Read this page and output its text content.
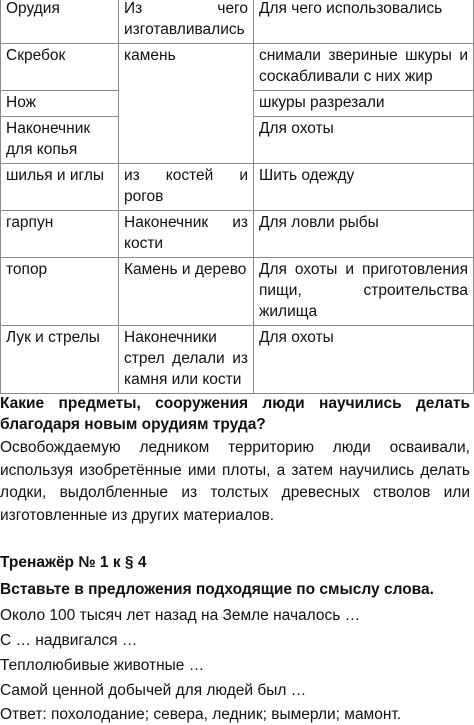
Орудия	Из чего изготавливались	Для чего использовались
Скребок	камень	снимали звериные шкуры и соскабливали с них жир
Нож		шкуры разрезали
Наконечник для копья		Для охоты
шилья и иглы	из костей и рогов	Шить одежду
гарпун	Наконечник из кости	Для ловли рыбы
топор	Камень и дерево	Для охоты и приготовления пищи, строительства жилища
Лук и стрелы	Наконечники стрел делали из камня или кости	Для охоты
Какие предметы, сооружения люди научились делать благодаря новым орудиям труда?
Освобождаемую ледником территорию люди осваивали, используя изобретённые ими плоты, а затем научились делать лодки, выдолбленные из толстых древесных стволов или изготовленные из других материалов.
Тренажёр № 1 к § 4
Вставьте в предложения подходящие по смыслу слова.
Около 100 тысяч лет назад на Земле началось …
С … надвигался …
Теплолюбивые животные …
Самой ценной добычей для людей был …
Ответ: похолодание; севера, ледник; вымерли; мамонт.
